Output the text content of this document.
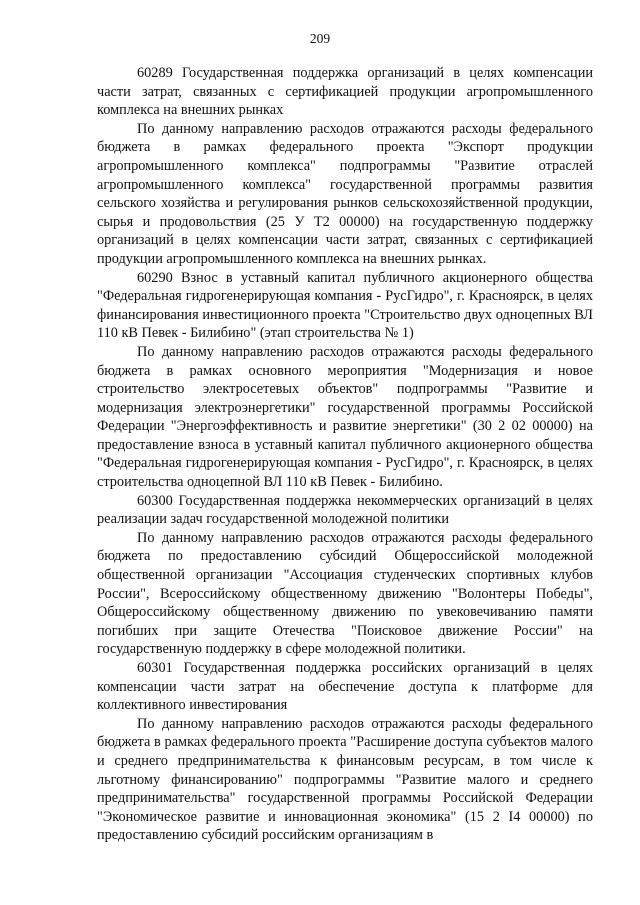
209

60289 Государственная поддержка организаций в целях компенсации части затрат, связанных с сертификацией продукции агропромышленного комплекса на внешних рынках

По данному направлению расходов отражаются расходы федерального бюджета в рамках федерального проекта "Экспорт продукции агропромышленного комплекса" подпрограммы "Развитие отраслей агропромышленного комплекса" государственной программы развития сельского хозяйства и регулирования рынков сельскохозяйственной продукции, сырья и продовольствия (25 У Т2 00000) на государственную поддержку организаций в целях компенсации части затрат, связанных с сертификацией продукции агропромышленного комплекса на внешних рынках.

60290 Взнос в уставный капитал публичного акционерного общества "Федеральная гидрогенерирующая компания - РусГидро", г. Красноярск, в целях финансирования инвестиционного проекта "Строительство двух одноцепных ВЛ 110 кВ Певек - Билибино" (этап строительства № 1)

По данному направлению расходов отражаются расходы федерального бюджета в рамках основного мероприятия "Модернизация и новое строительство электросетевых объектов" подпрограммы "Развитие и модернизация электроэнергетики" государственной программы Российской Федерации "Энергоэффективность и развитие энергетики" (30 2 02 00000) на предоставление взноса в уставный капитал публичного акционерного общества "Федеральная гидрогенерирующая компания - РусГидро", г. Красноярск, в целях строительства одноцепной ВЛ 110 кВ Певек - Билибино.

60300 Государственная поддержка некоммерческих организаций в целях реализации задач государственной молодежной политики

По данному направлению расходов отражаются расходы федерального бюджета по предоставлению субсидий Общероссийской молодежной общественной организации "Ассоциация студенческих спортивных клубов России", Всероссийскому общественному движению "Волонтеры Победы", Общероссийскому общественному движению по увековечиванию памяти погибших при защите Отечества "Поисковое движение России" на государственную поддержку в сфере молодежной политики.

60301 Государственная поддержка российских организаций в целях компенсации части затрат на обеспечение доступа к платформе для коллективного инвестирования

По данному направлению расходов отражаются расходы федерального бюджета в рамках федерального проекта "Расширение доступа субъектов малого и среднего предпринимательства к финансовым ресурсам, в том числе к льготному финансированию" подпрограммы "Развитие малого и среднего предпринимательства" государственной программы Российской Федерации "Экономическое развитие и инновационная экономика" (15 2 I4 00000) по предоставлению субсидий российским организациям в
